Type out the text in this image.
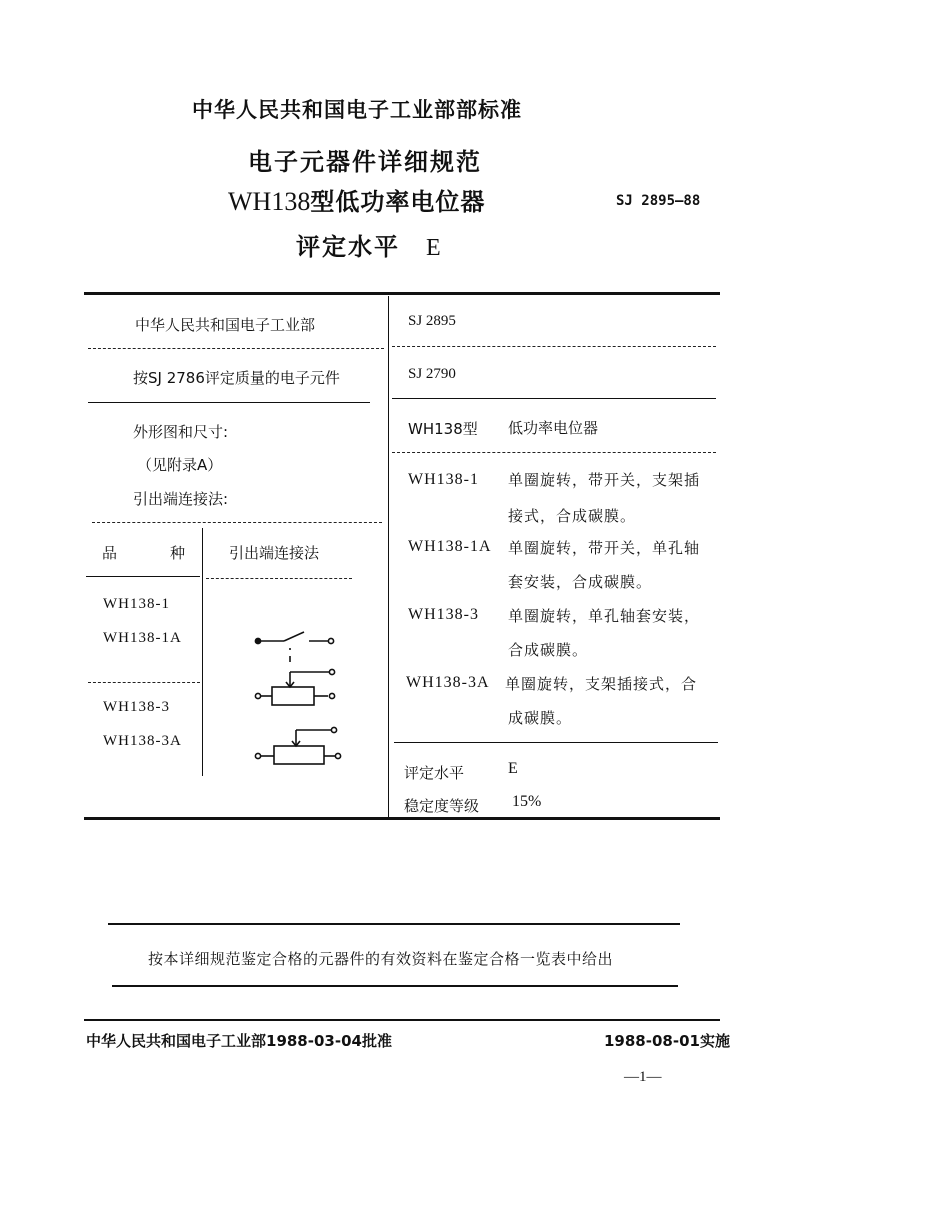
中华人民共和国电子工业部部标准
电子元器件详细规范
WH138型低功率电位器
评定水平 E
SJ 2895—88
中华人民共和国电子工业部
按SJ 2786评定质量的电子元件
外形图和尺寸:
（见附录A）
引出端连接法:
品	种	引出端连接法
WH138-1
WH138-1A
WH138-3
WH138-3A
SJ 2895
SJ 2790
WH138型 低功率电位器
WH138-1 单圈旋转，带开关，支架插
接式，合成碳膜。
WH138-1A 单圈旋转，带开关，单孔轴
套安装，合成碳膜。
WH138-3 单圈旋转，单孔轴套安装，
合成碳膜。
WH138-3A 单圈旋转，支架插接式，合
成碳膜。
评定水平	E
稳定度等级 15%
按本详细规范鉴定合格的元器件的有效资料在鉴定合格一览表中给出
中华人民共和国电子工业部1988-03-04批准	1988-08-01实施
—1—
